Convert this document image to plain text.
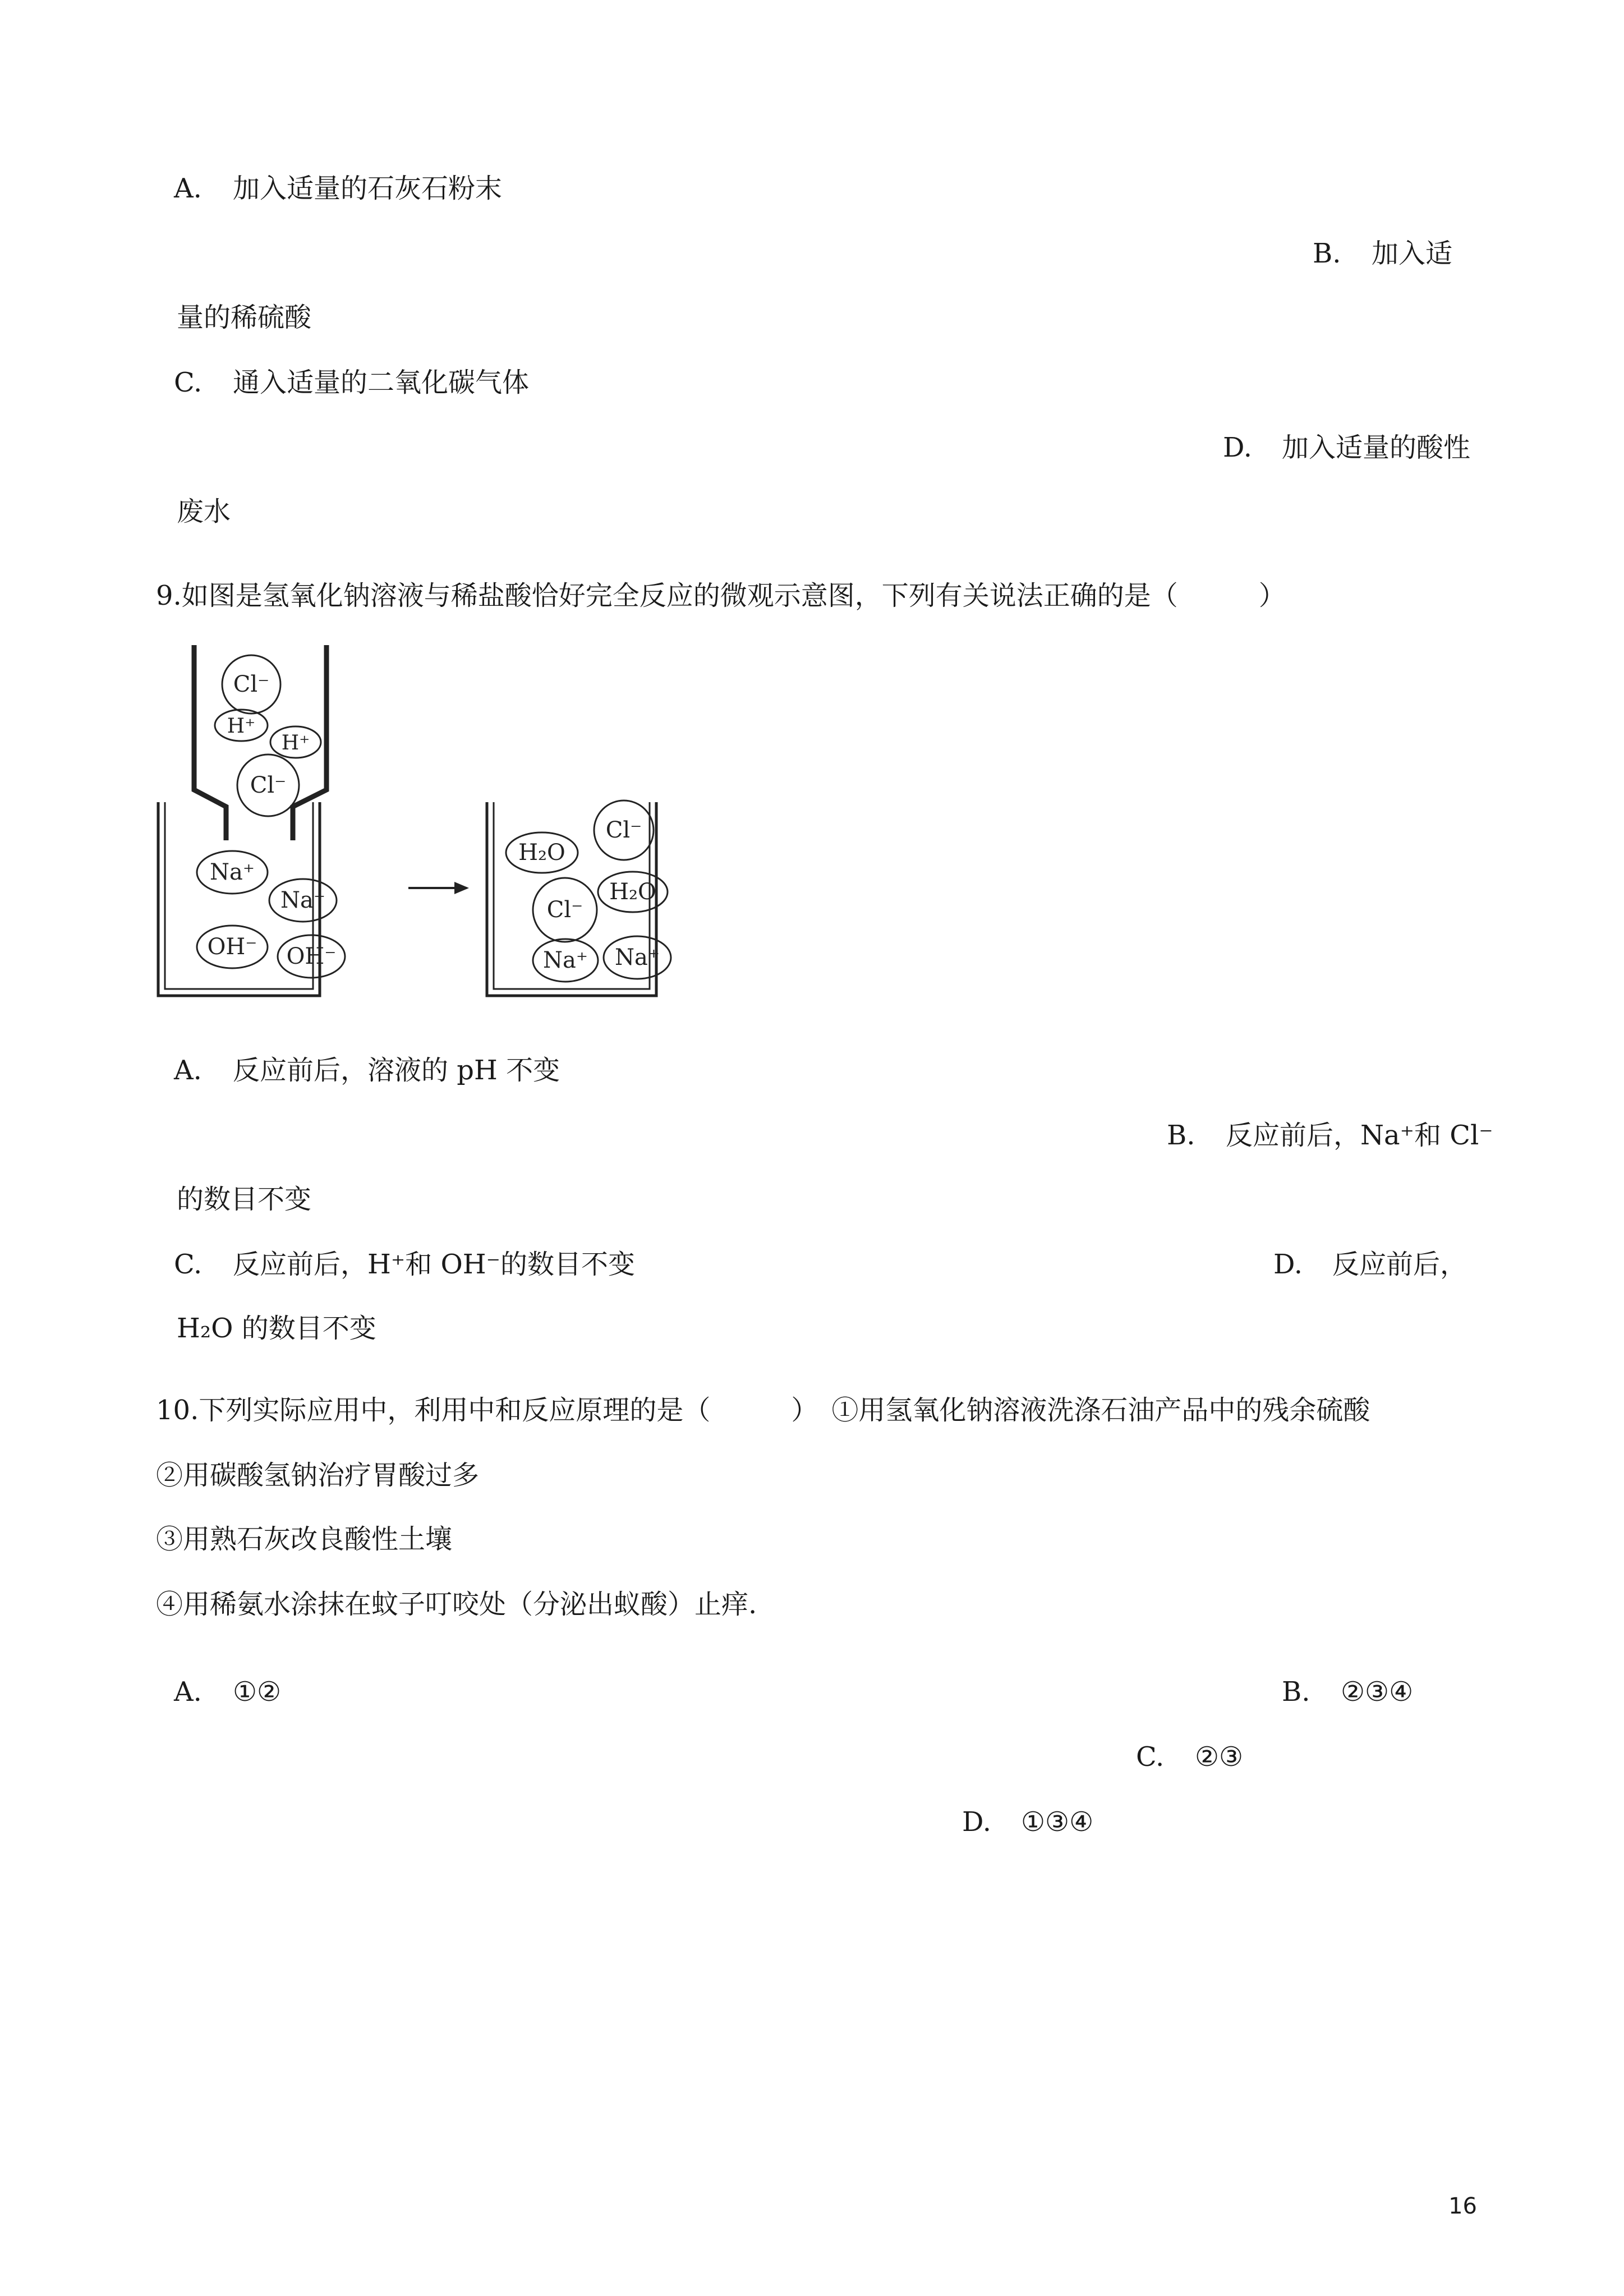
A. 加入适量的石灰石粉末
B. 加入适
量的稀硫酸
C. 通入适量的二氧化碳气体
D. 加入适量的酸性
废水
9.如图是氢氧化钠溶液与稀盐酸恰好完全反应的微观示意图，下列有关说法正确的是（　　　）
Cl⁻
H⁺
H⁺
Cl⁻
Na⁺
Na⁺
OH⁻ OH⁻
H₂O
Cl⁻
Cl⁻
H₂O
Na⁺ Na⁺
A. 反应前后，溶液的 pH 不变
B. 反应前后，Na⁺和 Cl⁻
的数目不变
C. 反应前后，H⁺和 OH⁻的数目不变	D. 反应前后，
H₂O 的数目不变
10.下列实际应用中，利用中和反应原理的是（　　　）　①用氢氧化钠溶液洗涤石油产品中的残余硫酸
②用碳酸氢钠治疗胃酸过多
③用熟石灰改良酸性土壤
④用稀氨水涂抹在蚊子叮咬处（分泌出蚁酸）止痒.
A. ①②	B. ②③④
C. ②③
D. ①③④
16
